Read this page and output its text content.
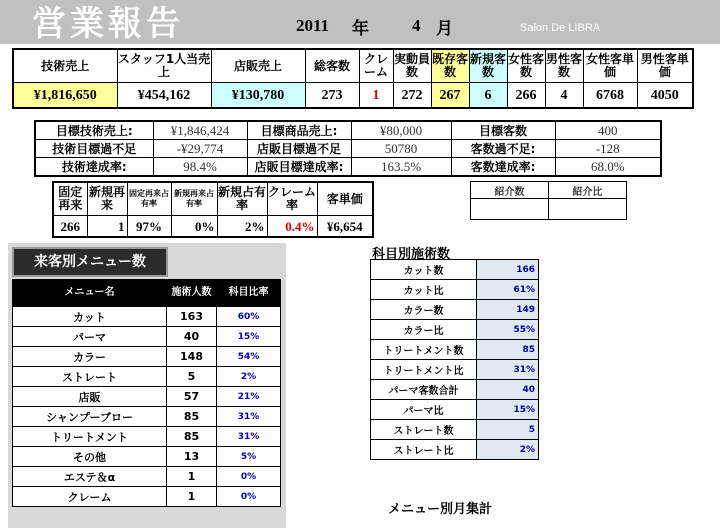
営業報告	2011 年	4 月	Salon De LIBRA
技術売上	スタッフ1人当売上	店販売上	総客数	クレーム	実動員数	既存客数	新規客数	女性客数	男性客数	女性客単価	男性客単価
¥1,816,650	¥454,162	¥130,780	273	1	272	267	6	266	4	6768	4050
目標技術売上:	¥1,846,424	目標商品売上:	¥80,000	目標客数	400
技術目標過不足	-¥29,774	店販目標過不足	50780	客数過不足:	-128
技術達成率:	98.4%	店販目標達成率:	163.5%	客数達成率:	68.0%
固定再来	新規再来	固定再来占有率	新規再来占有率	新規占有率	クレーム率	客単価
266	1	97%	0%	2%	0.4%	¥6,654
紹介数	紹介比

来客別メニュー数
メニュー名	施術人数	科目比率
カット	163	60%
パーマ	40	15%
カラー	148	54%
ストレート	5	2%
店販	57	21%
シャンプーブロー	85	31%
トリートメント	85	31%
その他	13	5%
エステ＆α	1	0%
クレーム	1	0%
科目別施術数
カット数	166
カット比	61%
カラー数	149
カラー比	55%
トリートメント数	85
トリートメント比	31%
パーマ客数合計	40
パーマ比	15%
ストレート数	5
ストレート比	2%
メニュー別月集計
